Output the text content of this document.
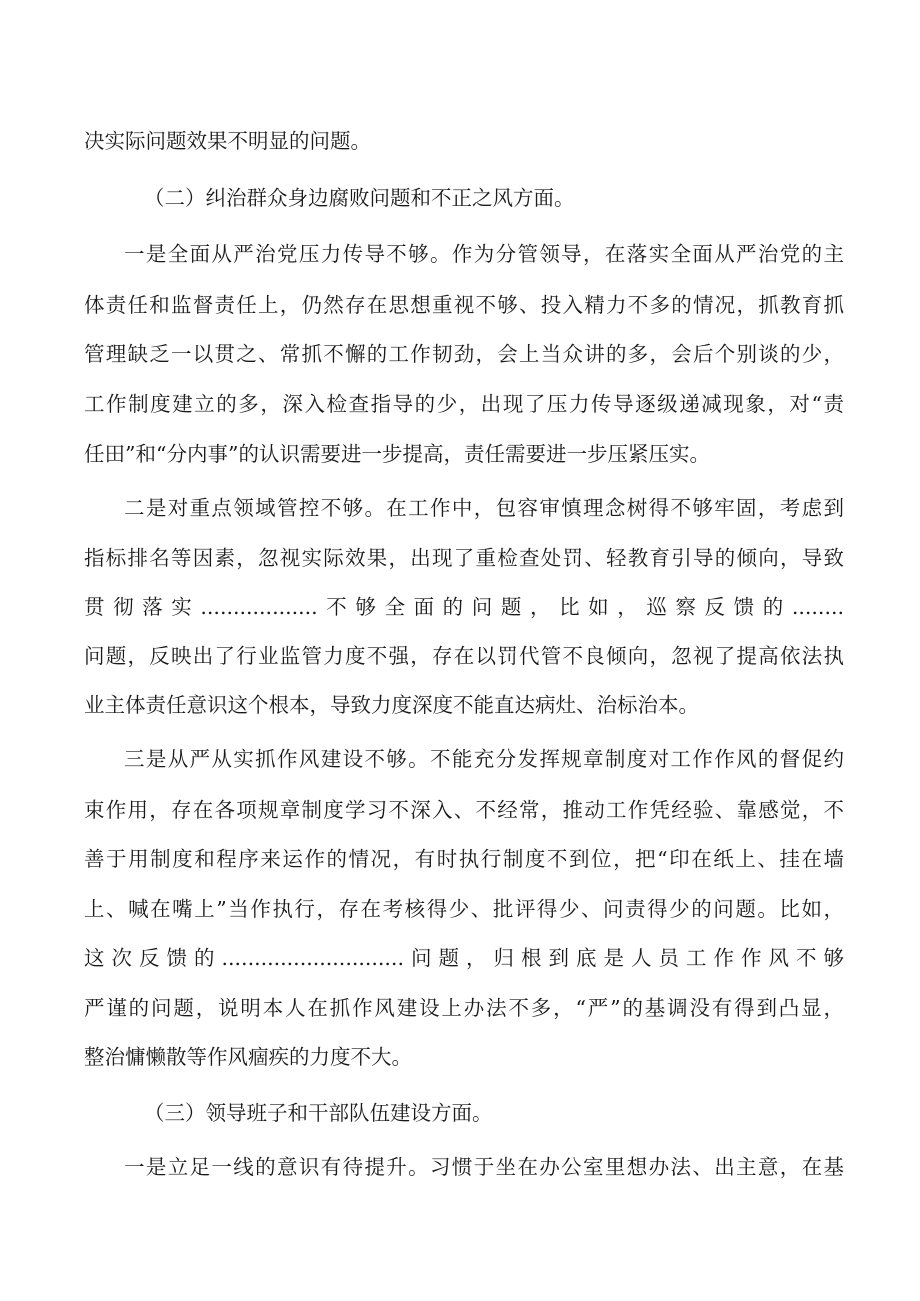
决实际问题效果不明显的问题。
（二）纠治群众身边腐败问题和不正之风方面。
一是全面从严治党压力传导不够。作为分管领导，在落实全面从严治党的主
体责任和监督责任上，仍然存在思想重视不够、投入精力不多的情况，抓教育抓
管理缺乏一以贯之、常抓不懈的工作韧劲，会上当众讲的多，会后个别谈的少，
工作制度建立的多，深入检查指导的少，出现了压力传导逐级递减现象，对“责
任田”和“分内事”的认识需要进一步提高，责任需要进一步压紧压实。
二是对重点领域管控不够。在工作中，包容审慎理念树得不够牢固，考虑到
指标排名等因素，忽视实际效果，出现了重检查处罚、轻教育引导的倾向，导致
贯彻落实..................不够全面的问题，比如，巡察反馈的........
问题，反映出了行业监管力度不强，存在以罚代管不良倾向，忽视了提高依法执
业主体责任意识这个根本，导致力度深度不能直达病灶、治标治本。
三是从严从实抓作风建设不够。不能充分发挥规章制度对工作作风的督促约
束作用，存在各项规章制度学习不深入、不经常，推动工作凭经验、靠感觉，不
善于用制度和程序来运作的情况，有时执行制度不到位，把“印在纸上、挂在墙
上、喊在嘴上”当作执行，存在考核得少、批评得少、问责得少的问题。比如，
这次反馈的............................问题，归根到底是人员工作作风不够
严谨的问题，说明本人在抓作风建设上办法不多，“严”的基调没有得到凸显，
整治慵懒散等作风痼疾的力度不大。
（三）领导班子和干部队伍建设方面。
一是立足一线的意识有待提升。习惯于坐在办公室里想办法、出主意，在基
